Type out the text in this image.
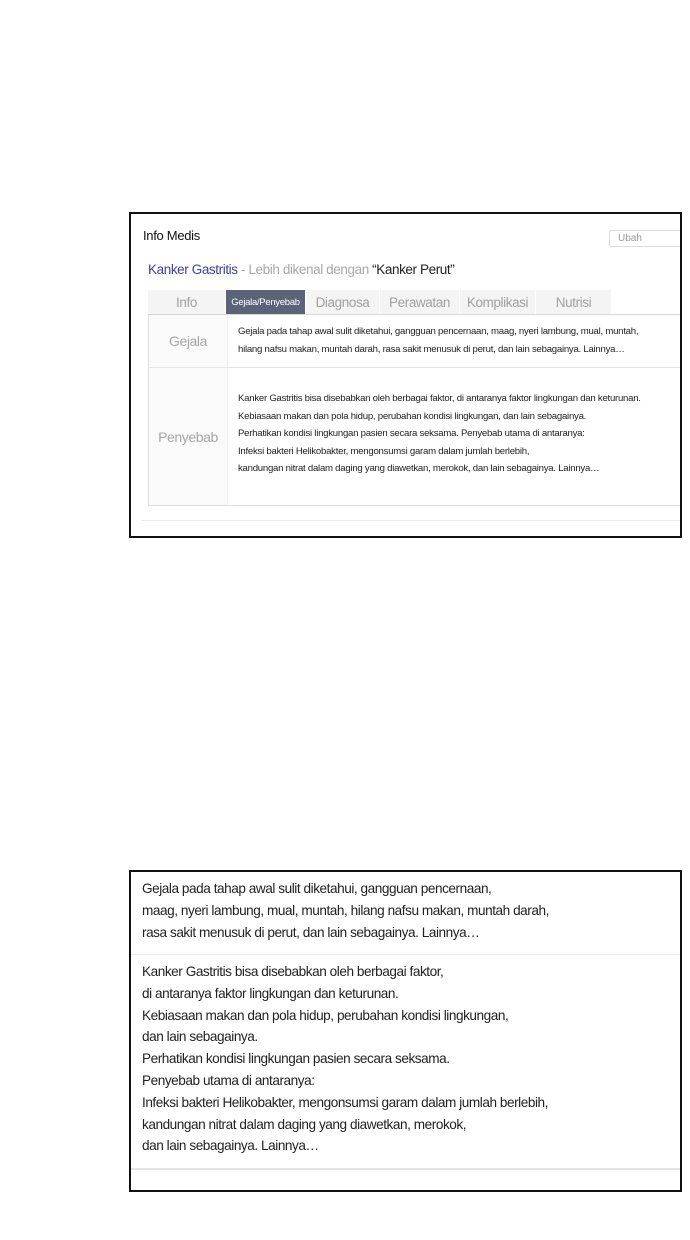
Info Medis	Ubah
Kanker Gastritis - Lebih dikenal dengan “Kanker Perut”
Info	Gejala/Penyebab	Diagnosa	Perawatan	Komplikasi	Nutrisi
Gejala
Gejala pada tahap awal sulit diketahui, gangguan pencernaan, maag, nyeri lambung, mual, muntah,
hilang nafsu makan, muntah darah, rasa sakit menusuk di perut, dan lain sebagainya. Lainnya…
Penyebab
Kanker Gastritis bisa disebabkan oleh berbagai faktor, di antaranya faktor lingkungan dan keturunan.
Kebiasaan makan dan pola hidup, perubahan kondisi lingkungan, dan lain sebagainya.
Perhatikan kondisi lingkungan pasien secara seksama. Penyebab utama di antaranya:
Infeksi bakteri Helikobakter, mengonsumsi garam dalam jumlah berlebih,
kandungan nitrat dalam daging yang diawetkan, merokok, dan lain sebagainya. Lainnya…
Gejala pada tahap awal sulit diketahui, gangguan pencernaan,
maag, nyeri lambung, mual, muntah, hilang nafsu makan, muntah darah,
rasa sakit menusuk di perut, dan lain sebagainya. Lainnya…
Kanker Gastritis bisa disebabkan oleh berbagai faktor,
di antaranya faktor lingkungan dan keturunan.
Kebiasaan makan dan pola hidup, perubahan kondisi lingkungan,
dan lain sebagainya.
Perhatikan kondisi lingkungan pasien secara seksama.
Penyebab utama di antaranya:
Infeksi bakteri Helikobakter, mengonsumsi garam dalam jumlah berlebih,
kandungan nitrat dalam daging yang diawetkan, merokok,
dan lain sebagainya. Lainnya…
